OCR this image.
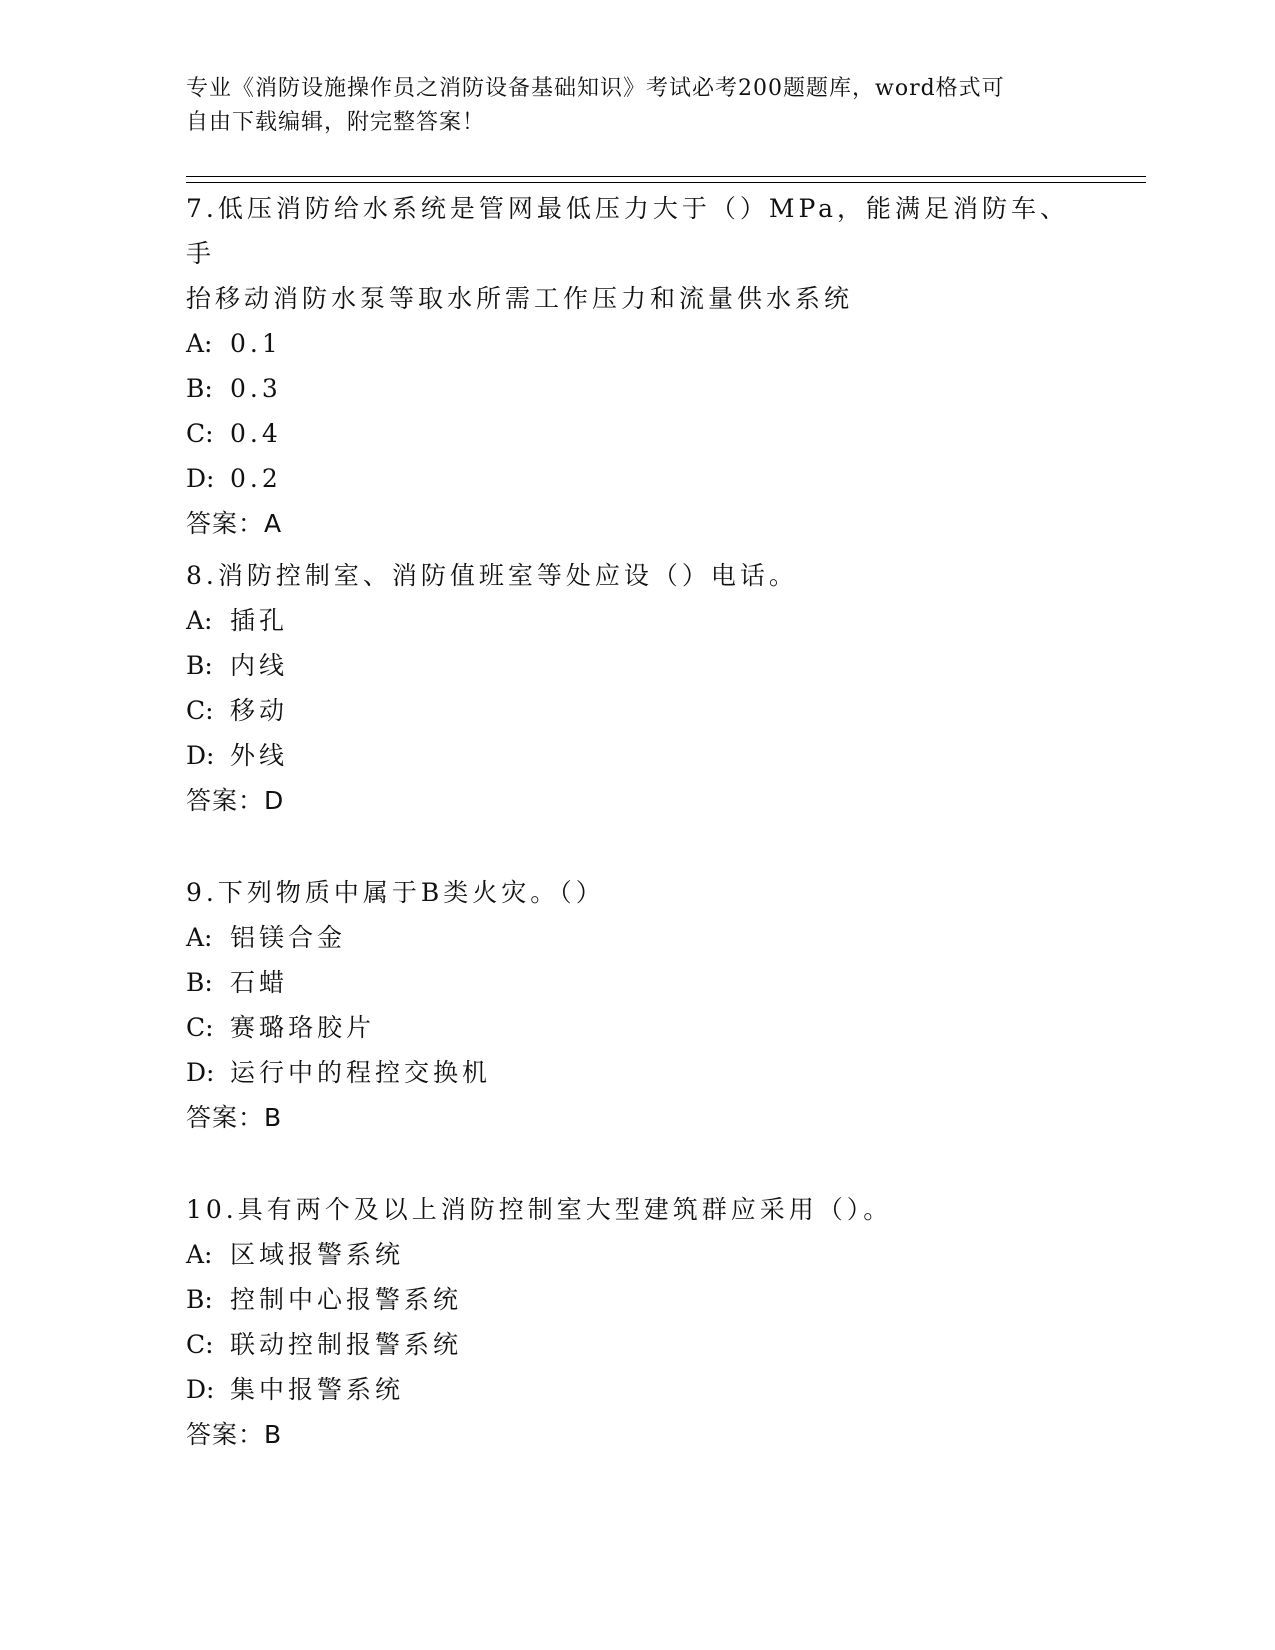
专业《消防设施操作员之消防设备基础知识》考试必考200题题库，word格式可
自由下载编辑，附完整答案！

7.低压消防给水系统是管网最低压力大于（）MPa，能满足消防车、手

抬移动消防水泵等取水所需工作压力和流量供水系统

A: 0.1

B: 0.3

C: 0.4

D: 0.2

答案：A

8.消防控制室、消防值班室等处应设（）电话。

A: 插孔

B: 内线

C: 移动

D: 外线

答案：D

9.下列物质中属于B类火灾。（）

A: 铝镁合金

B: 石蜡

C: 赛璐珞胶片

D: 运行中的程控交换机

答案：B

10.具有两个及以上消防控制室大型建筑群应采用（）。

A: 区域报警系统

B: 控制中心报警系统

C: 联动控制报警系统

D: 集中报警系统

答案：B
